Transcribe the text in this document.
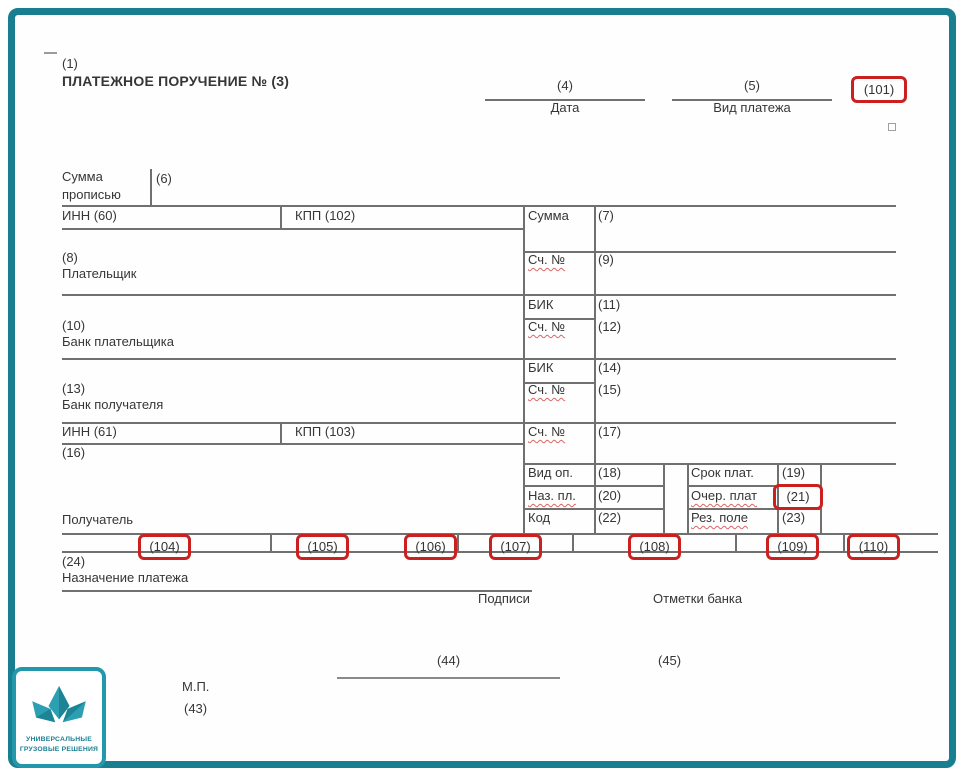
(1)
ПЛАТЕЖНОЕ ПОРУЧЕНИЕ № (3)	(4)
Дата
(5)
Вид платежа
(101)
Сумма
прописью
(6)
ИНН (60)	КПП (102)	Сумма (7)
(8)
Плательщик
Сч. №	(9)
БИК	(11)
(10)
Банк плательщика
Сч. №	(12)
БИК	(14)
(13)
Банк получателя
Сч. №	(15)
ИНН (61)	КПП (103)	Сч. №	(17)
(16)
Вид оп. (18)	Срок плат. (19)
Наз. пл. (20)	Очер. плат	(21)
Код	(22)	Рез. поле	(23)
Получатель
(104)	(105)	(106)	(107)	(108)	(109)	(110)
(24)
Назначение платежа
Подписи	Отметки банка
(44)	(45)
М.П.
(43)
УНИВЕРСАЛЬНЫЕ
ГРУЗОВЫЕ РЕШЕНИЯ
